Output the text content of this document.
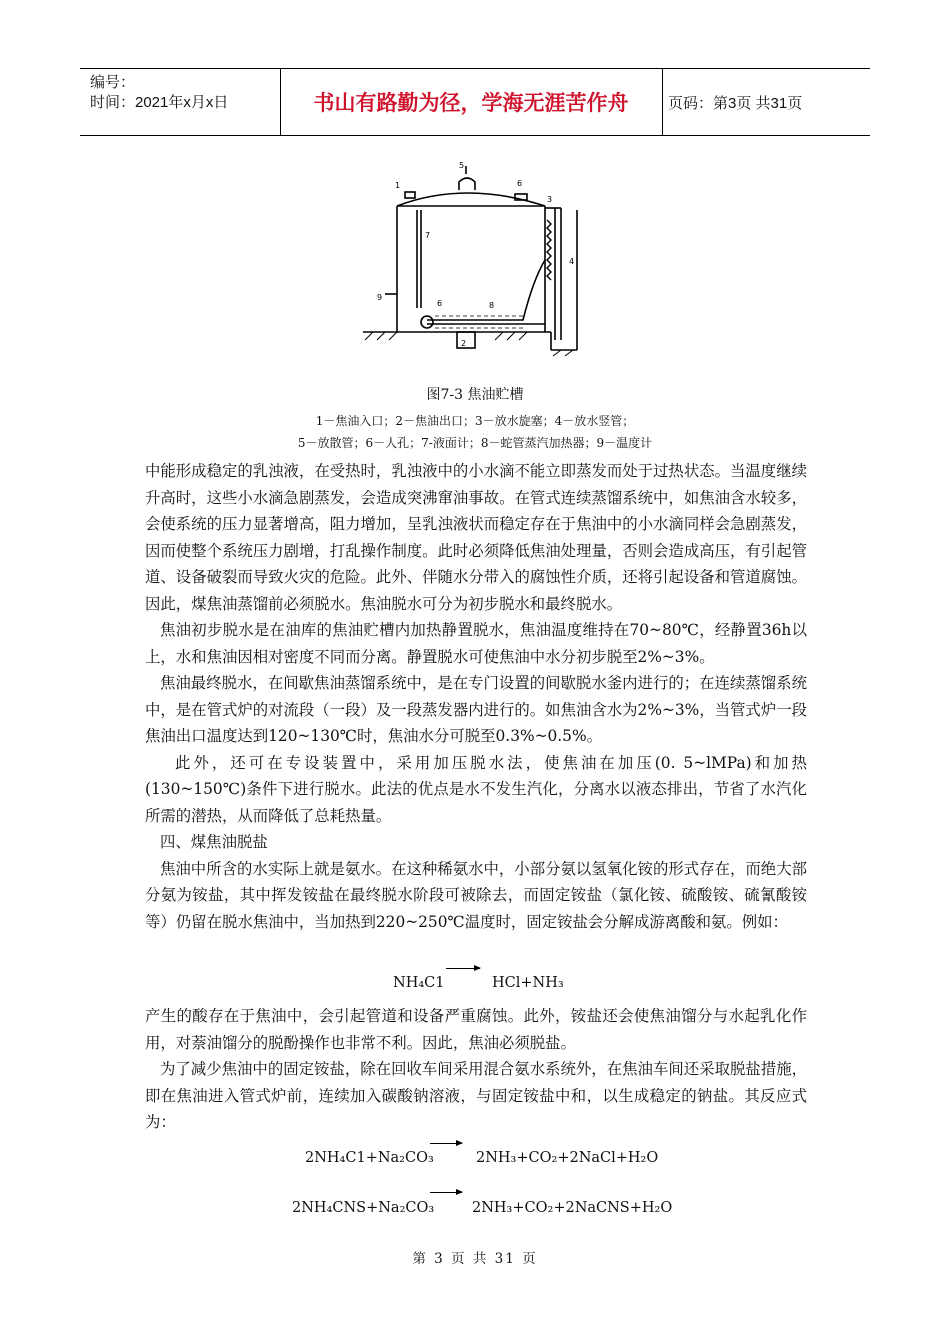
编号：
时间：2021年x月x日	书山有路勤为径，学海无涯苦作舟	页码：第3页 共31页
1
2
3
4
5
6
7
8
9
6
图7-3 焦油贮槽
1－焦油入口；2－焦油出口；3－放水旋塞；4－放水竖管；
5－放散管；6－人孔；7-液面计；8－蛇管蒸汽加热器；9－温度计

中能形成稳定的乳浊液，在受热时，乳浊液中的小水滴不能立即蒸发而处于过热状态。当温度继续升高时，这些小水滴急剧蒸发，会造成突沸窜油事故。在管式连续蒸馏系统中，如焦油含水较多，会使系统的压力显著增高，阻力增加，呈乳浊液状而稳定存在于焦油中的小水滴同样会急剧蒸发，因而使整个系统压力剧增，打乱操作制度。此时必须降低焦油处理量，否则会造成高压，有引起管道、设备破裂而导致火灾的危险。此外、伴随水分带入的腐蚀性介质，还将引起设备和管道腐蚀。因此，煤焦油蒸馏前必须脱水。焦油脱水可分为初步脱水和最终脱水。

焦油初步脱水是在油库的焦油贮槽内加热静置脱水，焦油温度维持在70~80℃，经静置36h以上，水和焦油因相对密度不同而分离。静置脱水可使焦油中水分初步脱至2%~3%。

焦油最终脱水，在间歇焦油蒸馏系统中，是在专门设置的间歇脱水釜内进行的；在连续蒸馏系统中，是在管式炉的对流段（一段）及一段蒸发器内进行的。如焦油含水为2%~3%，当管式炉一段焦油出口温度达到120~130℃时，焦油水分可脱至0.3%~0.5%。

此外，还可在专设装置中，采用加压脱水法，使焦油在加压(0. 5~lMPa)和加热(130~150℃)条件下进行脱水。此法的优点是水不发生汽化，分离水以液态排出，节省了水汽化所需的潜热，从而降低了总耗热量。

四、煤焦油脱盐

焦油中所含的水实际上就是氨水。在这种稀氨水中，小部分氨以氢氧化铵的形式存在，而绝大部分氨为铵盐，其中挥发铵盐在最终脱水阶段可被除去，而固定铵盐（氯化铵、硫酸铵、硫氰酸铵等）仍留在脱水焦油中，当加热到220~250℃温度时，固定铵盐会分解成游离酸和氨。例如：

NH₄C1	HCl+NH₃

产生的酸存在于焦油中，会引起管道和设备严重腐蚀。此外，铵盐还会使焦油馏分与水起乳化作用，对萘油馏分的脱酚操作也非常不利。因此，焦油必须脱盐。

为了减少焦油中的固定铵盐，除在回收车间采用混合氨水系统外，在焦油车间还采取脱盐措施，即在焦油进入管式炉前，连续加入碳酸钠溶液，与固定铵盐中和，以生成稳定的钠盐。其反应式为：

2NH₄C1+Na₂CO₃	2NH₃+CO₂+2NaCl+H₂O
2NH₄CNS+Na₂CO₃	2NH₃+CO₂+2NaCNS+H₂O
第 3 页 共 31 页
